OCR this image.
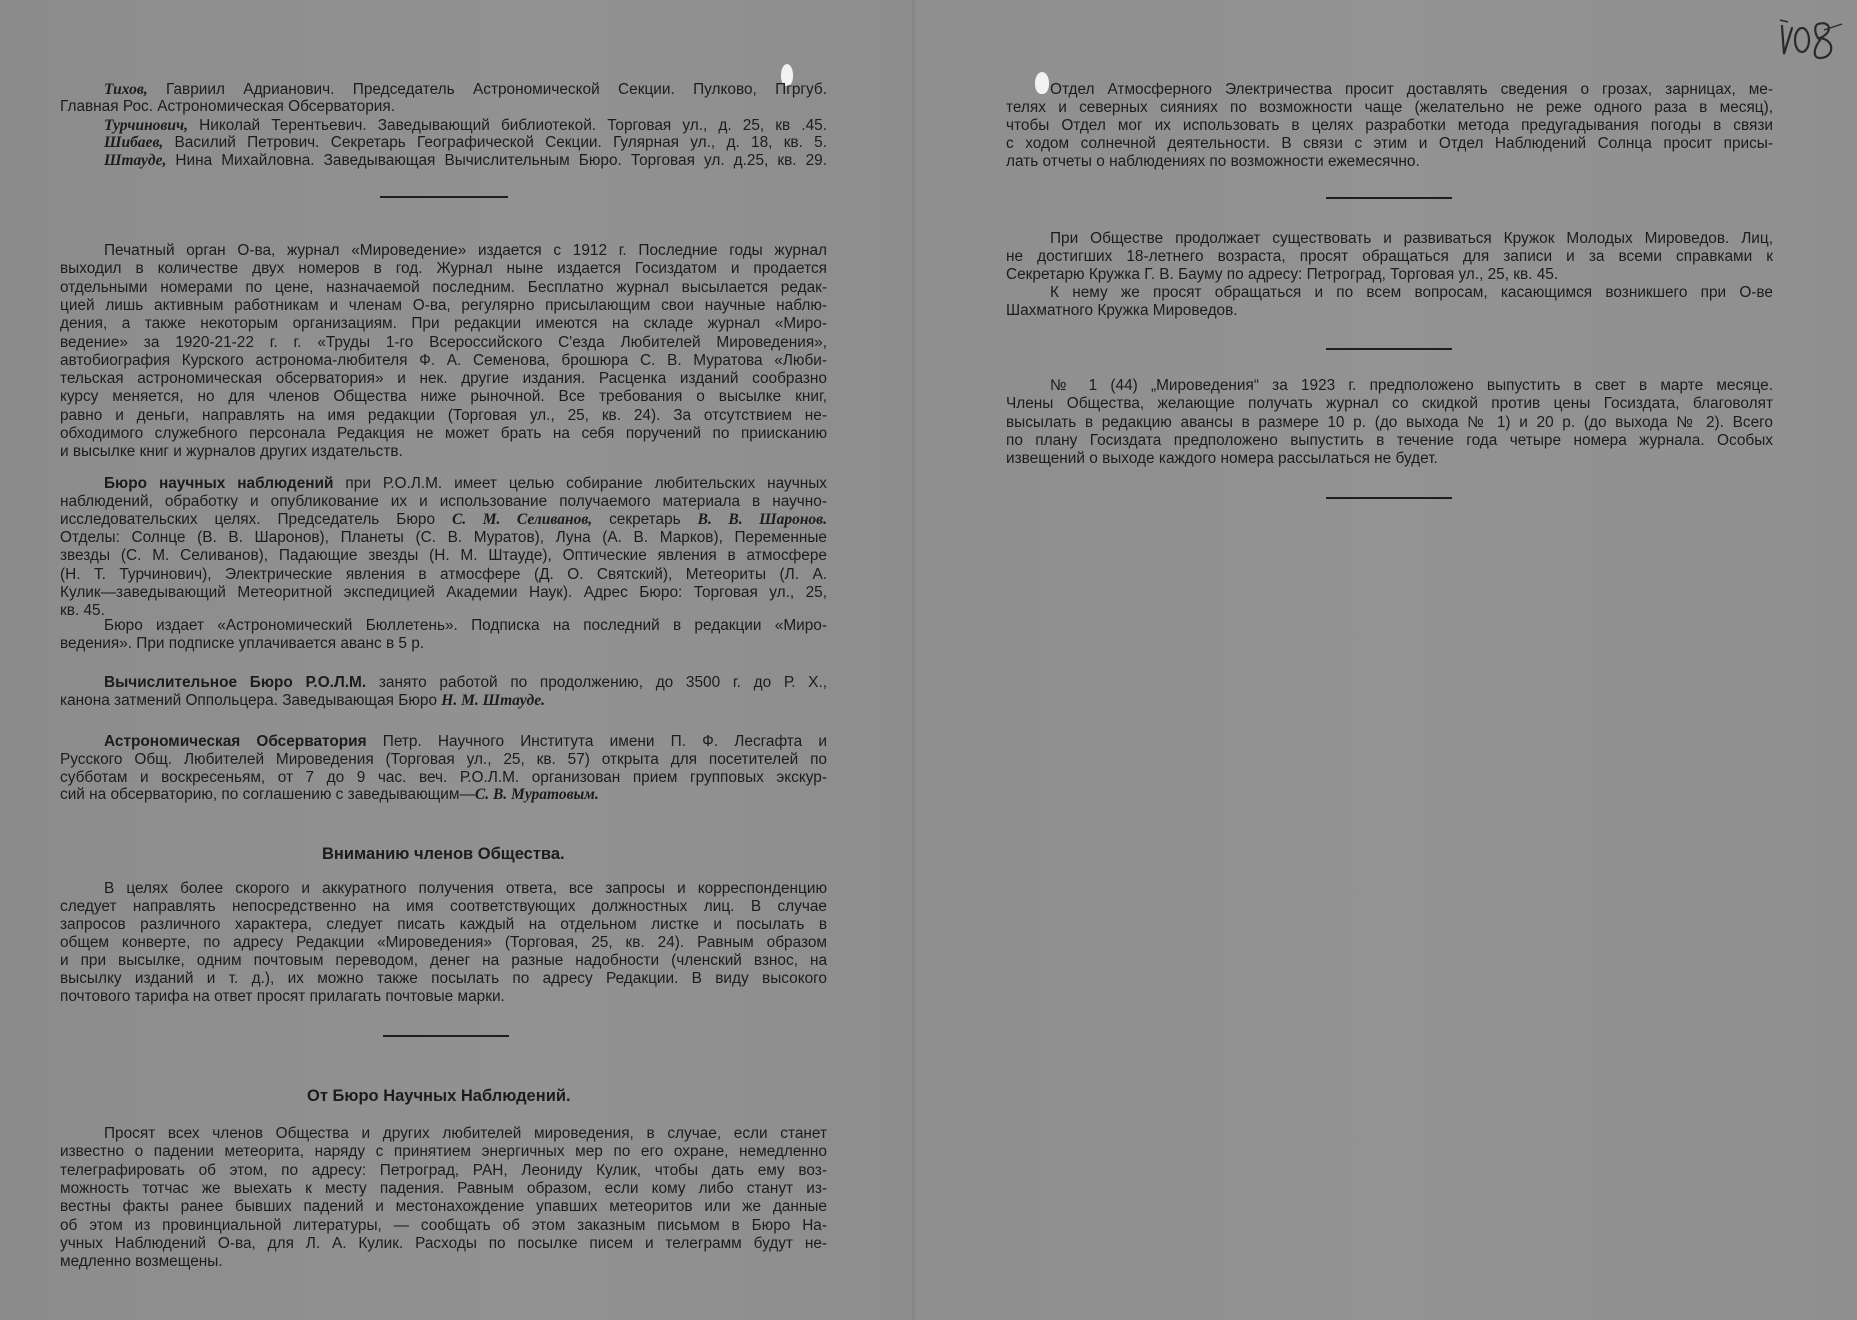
Тихов, Гавриил Адрианович. Председатель Астрономической Секции. Пулково, Пгргуб.
Главная Рос. Астрономическая Обсерватория.
Турчинович, Николай Терентьевич. Заведывающий библиотекой. Торговая ул., д. 25, кв .45.
Шибаев, Василий Петрович. Секретарь Географической Секции. Гулярная ул., д. 18, кв. 5.
Штауде, Нина Михайловна. Заведывающая Вычислительным Бюро. Торговая ул. д.25, кв. 29.
Печатный орган О-ва, журнал «Мироведение» издается с 1912 г. Последние годы журнал
выходил в количестве двух номеров в год. Журнал ныне издается Госиздатом и продается
отдельными номерами по цене, назначаемой последним. Бесплатно журнал высылается редак-
цией лишь активным работникам и членам О-ва, регулярно присылающим свои научные наблю-
дения, а также некоторым организациям. При редакции имеются на складе журнал «Миро-
ведение» за 1920-21-22 г. г. «Труды 1-го Всероссийского С'езда Любителей Мироведения»,
автобиография Курского астронома-любителя Ф. А. Семенова, брошюра С. В. Муратова «Люби-
тельская астрономическая обсерватория» и нек. другие издания. Расценка изданий сообразно
курсу меняется, но для членов Общества ниже рыночной. Все требования о высылке книг,
равно и деньги, направлять на имя редакции (Торговая ул., 25, кв. 24). За отсутствием не-
обходимого служебного персонала Редакция не может брать на себя поручений по приисканию
и высылке книг и журналов других издательств.
Бюро научных наблюдений при Р.О.Л.М. имеет целью собирание любительских научных
наблюдений, обработку и опубликование их и использование получаемого материала в научно-
исследовательских целях. Председатель Бюро С. М. Селиванов, секретарь В. В. Шаронов.
Отделы: Солнце (В. В. Шаронов), Планеты (С. В. Муратов), Луна (А. В. Марков), Переменные
звезды (С. М. Селиванов), Падающие звезды (Н. М. Штауде), Оптические явления в атмосфере
(Н. Т. Турчинович), Электрические явления в атмосфере (Д. О. Святский), Метеориты (Л. А.
Кулик—заведывающий Метеоритной экспедицией Академии Наук). Адрес Бюро: Торговая ул., 25,
кв. 45.
Бюро издает «Астрономический Бюллетень». Подписка на последний в редакции «Миро-
ведения». При подписке уплачивается аванс в 5 р.
Вычислительное Бюро Р.О.Л.М. занято работой по продолжению, до 3500 г. до Р. Х.,
канона затмений Оппольцера. Заведывающая Бюро Н. М. Штауде.
Астрономическая Обсерватория Петр. Научного Института имени П. Ф. Лесгафта и
Русского Общ. Любителей Мироведения (Торговая ул., 25, кв. 57) открыта для посетителей по
субботам и воскресеньям, от 7 до 9 час. веч. Р.О.Л.М. организован прием групповых экскур-
сий на обсерваторию, по соглашению с заведывающим—С. В. Муратовым.
Вниманию членов Общества.
В целях более скорого и аккуратного получения ответа, все запросы и корреспонденцию
следует направлять непосредственно на имя соответствующих должностных лиц. В случае
запросов различного характера, следует писать каждый на отдельном листке и посылать в
общем конверте, по адресу Редакции «Мироведения» (Торговая, 25, кв. 24). Равным образом
и при высылке, одним почтовым переводом, денег на разные надобности (членский взнос, на
высылку изданий и т. д.), их можно также посылать по адресу Редакции. В виду высокого
почтового тарифа на ответ просят прилагать почтовые марки.
От Бюро Научных Наблюдений.
Просят всех членов Общества и других любителей мироведения, в случае, если станет
известно о падении метеорита, наряду с принятием энергичных мер по его охране, немедленно
телеграфировать об этом, по адресу: Петроград, РАН, Леониду Кулик, чтобы дать ему воз-
можность тотчас же выехать к месту падения. Равным образом, если кому либо станут из-
вестны факты ранее бывших падений и местонахождение упавших метеоритов или же данные
об этом из провинциальной литературы, — сообщать об этом заказным письмом в Бюро На-
учных Наблюдений О-ва, для Л. А. Кулик. Расходы по посылке писем и телеграмм будут не-
медленно возмещены.
Отдел Атмосферного Электричества просит доставлять сведения о грозах, зарницах, ме-
телях и северных сияниях по возможности чаще (желательно не реже одного раза в месяц),
чтобы Отдел мог их использовать в целях разработки метода предугадывания погоды в связи
с ходом солнечной деятельности. В связи с этим и Отдел Наблюдений Солнца просит присы-
лать отчеты о наблюдениях по возможности ежемесячно.
При Обществе продолжает существовать и развиваться Кружок Молодых Мироведов. Лиц,
не достигших 18-летнего возраста, просят обращаться для записи и за всеми справками к
Секретарю Кружка Г. В. Бауму по адресу: Петроград, Торговая ул., 25, кв. 45.
К нему же просят обращаться и по всем вопросам, касающимся возникшего при О-ве
Шахматного Кружка Мироведов.
№ 1 (44) „Мироведения“ за 1923 г. предположено выпустить в свет в марте месяце.
Члены Общества, желающие получать журнал со скидкой против цены Госиздата, благоволят
высылать в редакцию авансы в размере 10 р. (до выхода № 1) и 20 р. (до выхода № 2). Всего
по плану Госиздата предположено выпустить в течение года четыре номера журнала. Особых
извещений о выходе каждого номера рассылаться не будет.
